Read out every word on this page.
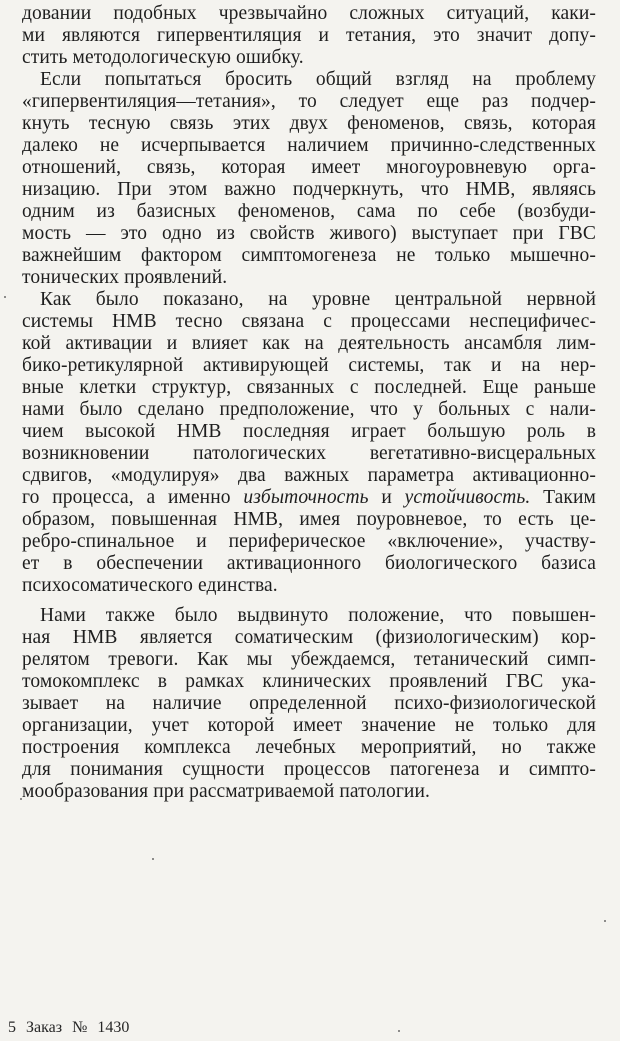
довании подобных чрезвычайно сложных ситуаций, каки-
ми являются гипервентиляция и тетания, это значит допу-
стить методологическую ошибку.
Если попытаться бросить общий взгляд на проблему
«гипервентиляция—тетания», то следует еще раз подчер-
кнуть тесную связь этих двух феноменов, связь, которая
далеко не исчерпывается наличием причинно-следственных
отношений, связь, которая имеет многоуровневую орга-
низацию. При этом важно подчеркнуть, что НМВ, являясь
одним из базисных феноменов, сама по себе (возбуди-
мость — это одно из свойств живого) выступает при ГВС
важнейшим фактором симптомогенеза не только мышечно-
тонических проявлений.
Как было показано, на уровне центральной нервной
системы НМВ тесно связана с процессами неспецифичес-
кой активации и влияет как на деятельность ансамбля лим-
бико-ретикулярной активирующей системы, так и на нер-
вные клетки структур, связанных с последней. Еще раньше
нами было сделано предположение, что у больных с нали-
чием высокой НМВ последняя играет большую роль в
возникновении патологических вегетативно-висцеральных
сдвигов, «модулируя» два важных параметра активационно-
го процесса, а именно избыточность и устойчивость. Таким
образом, повышенная НМВ, имея поуровневое, то есть це-
ребро-спинальное и периферическое «включение», участву-
ет в обеспечении активационного биологического базиса
психосоматического единства.
Нами также было выдвинуто положение, что повышен-
ная НМВ является соматическим (физиологическим) кор-
релятом тревоги. Как мы убеждаемся, тетанический симп-
томокомплекс в рамках клинических проявлений ГВС ука-
зывает на наличие определенной психо-физиологической
организации, учет которой имеет значение не только для
построения комплекса лечебных мероприятий, но также
для понимания сущности процессов патогенеза и симпто-
мообразования при рассматриваемой патологии.
5 Заказ № 1430
